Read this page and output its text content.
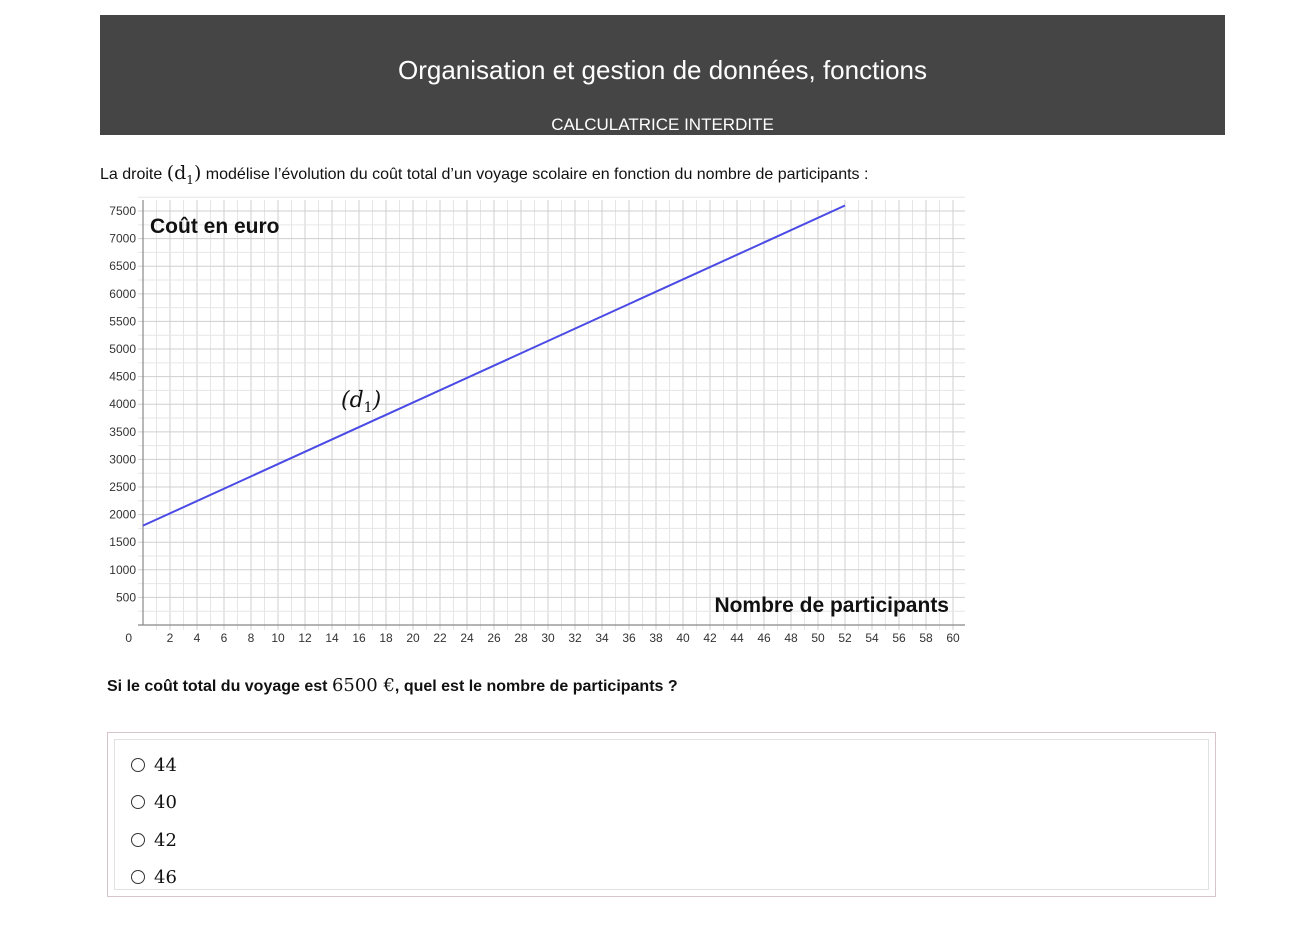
Organisation et gestion de données, fonctions
CALCULATRICE INTERDITE
La droite $(d_1)$ modélise l’évolution du coût total d’un voyage scolaire en fonction du nombre de participants :
500
1000
1500
2000
2500
3000
3500
4000
4500
5000
5500
6000
6500
7000
7500
2 4 6 8 10 12 14 16 18 20 22 24 26 28 30 32 34 36 38 40 42 44 46 48 50 52 54 56 58 60
0
Coût en euro
Nombre de participants
$(d_1)$
Si le coût total du voyage est 6500 €, quel est le nombre de participants ?
44
40
42
46
